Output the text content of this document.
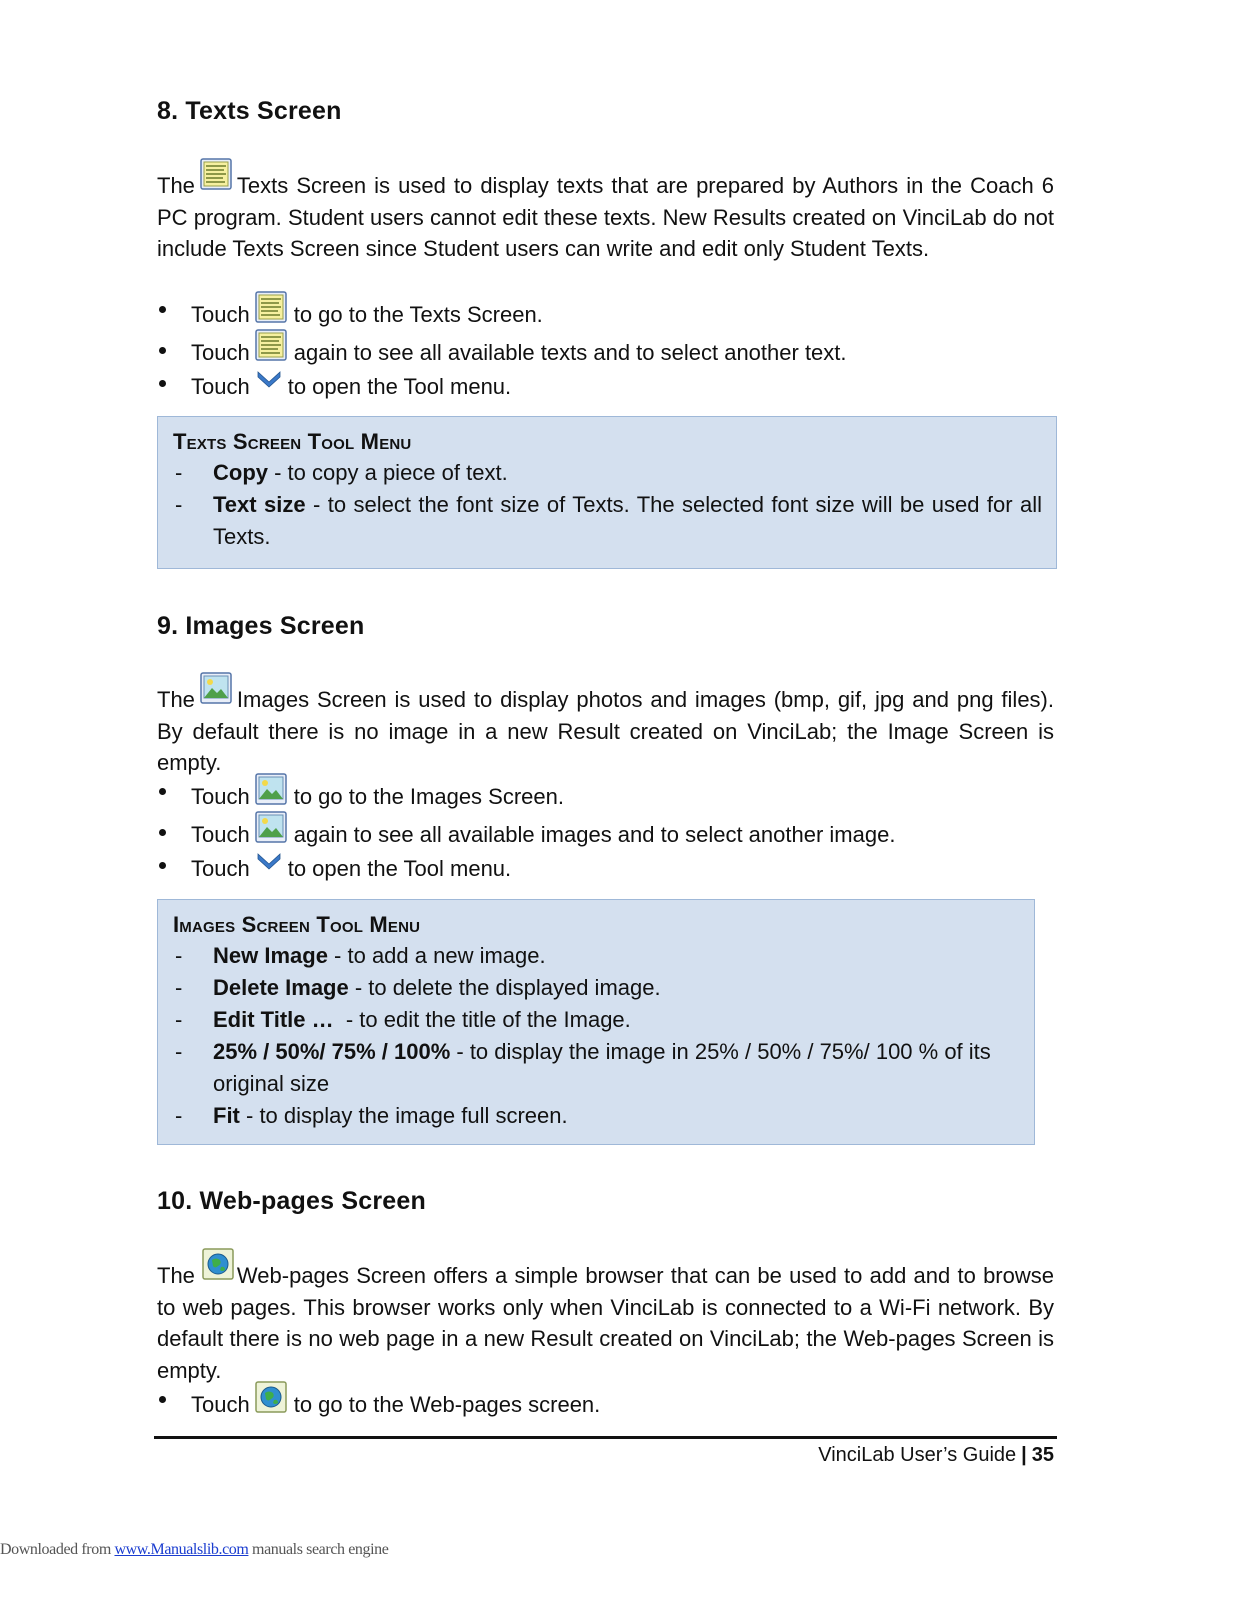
8. Texts Screen

The Texts Screen is used to display texts that are prepared by Authors in the Coach 6 PC program. Student users cannot edit these texts. New Results created on VinciLab do not include Texts Screen since Student users can write and edit only Student Texts.

Touch to go to the Texts Screen.
Touch again to see all available texts and to select another text.
Touch to open the Tool menu.
Texts Screen Tool Menu
- Copy - to copy a piece of text.
- Text size - to select the font size of Texts. The selected font size will be used for all Texts.
9. Images Screen

The Images Screen is used to display photos and images (bmp, gif, jpg and png files). By default there is no image in a new Result created on VinciLab; the Image Screen is empty.

Touch to go to the Images Screen.
Touch again to see all available images and to select another image.
Touch to open the Tool menu.
Images Screen Tool Menu
- New Image - to add a new image.
- Delete Image - to delete the displayed image.
- Edit Title …  - to edit the title of the Image.
- 25% / 50%/ 75% / 100% - to display the image in 25% / 50% / 75%/ 100 % of its original size
- Fit - to display the image full screen.
10. Web-pages Screen

The Web-pages Screen offers a simple browser that can be used to add and to browse to web pages. This browser works only when VinciLab is connected to a Wi-Fi network. By default there is no web page in a new Result created on VinciLab; the Web-pages Screen is empty.

Touch to go to the Web-pages screen.
VinciLab User’s Guide | 35
Downloaded from www.Manualslib.com manuals search engine
